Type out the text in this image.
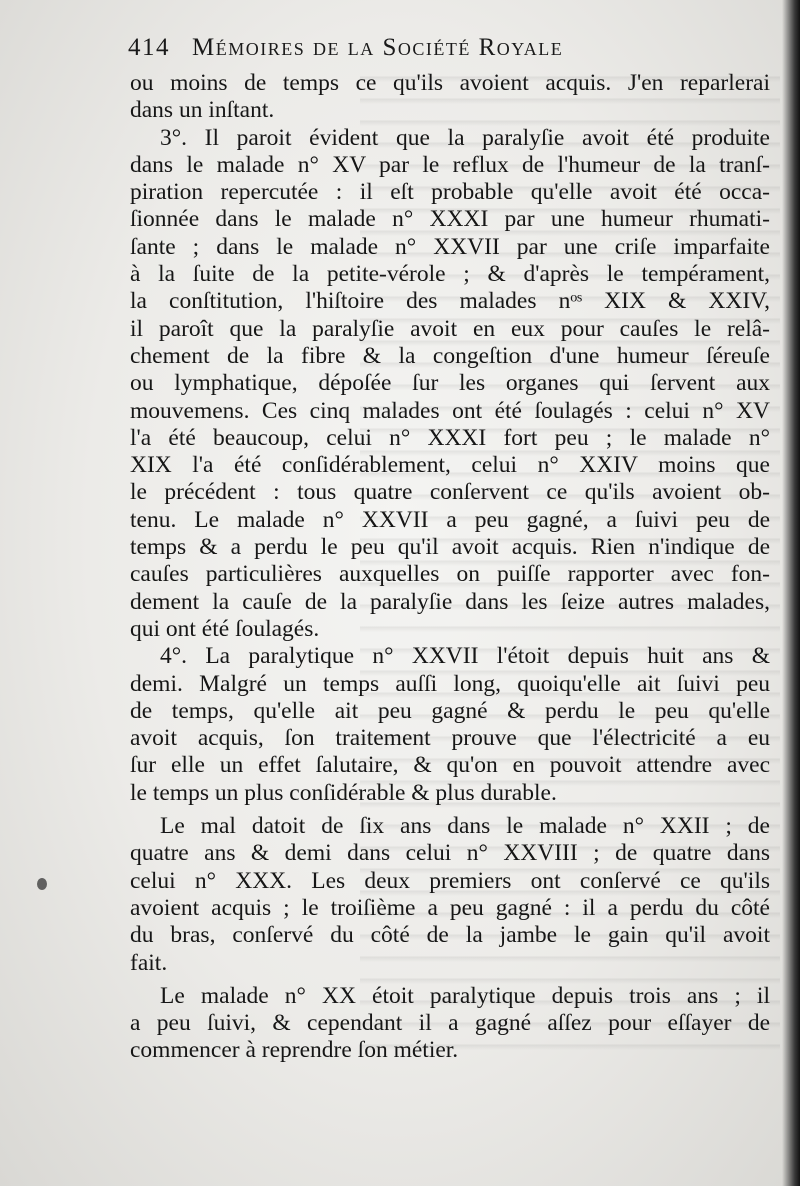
414 Mémoires de la Société Royale
ou moins de temps ce qu'ils avoient acquis. J'en reparlerai
dans un inſtant.
3°. Il paroit évident que la paralyſie avoit été produite
dans le malade n° XV par le reflux de l'humeur de la tranſ-
piration repercutée : il eſt probable qu'elle avoit été occa-
ſionnée dans le malade n° XXXI par une humeur rhumati-
ſante ; dans le malade n° XXVII par une criſe imparfaite
à la ſuite de la petite-vérole ; & d'après le tempérament,
la conſtitution, l'hiſtoire des malades nᵒˢ XIX & XXIV,
il paroît que la paralyſie avoit en eux pour cauſes le relâ-
chement de la fibre & la congeſtion d'une humeur ſéreuſe
ou lymphatique, dépoſée ſur les organes qui ſervent aux
mouvemens. Ces cinq malades ont été ſoulagés : celui n° XV
l'a été beaucoup, celui n° XXXI fort peu ; le malade n°
XIX l'a été conſidérablement, celui n° XXIV moins que
le précédent : tous quatre conſervent ce qu'ils avoient ob-
tenu. Le malade n° XXVII a peu gagné, a ſuivi peu de
temps & a perdu le peu qu'il avoit acquis. Rien n'indique de
cauſes particulières auxquelles on puiſſe rapporter avec fon-
dement la cauſe de la paralyſie dans les ſeize autres malades,
qui ont été ſoulagés.
4°. La paralytique n° XXVII l'étoit depuis huit ans &
demi. Malgré un temps auſſi long, quoiqu'elle ait ſuivi peu
de temps, qu'elle ait peu gagné & perdu le peu qu'elle
avoit acquis, ſon traitement prouve que l'électricité a eu
ſur elle un effet ſalutaire, & qu'on en pouvoit attendre avec
le temps un plus conſidérable & plus durable.
Le mal datoit de ſix ans dans le malade n° XXII ; de
quatre ans & demi dans celui n° XXVIII ; de quatre dans
celui n° XXX. Les deux premiers ont conſervé ce qu'ils
avoient acquis ; le troiſième a peu gagné : il a perdu du côté
du bras, conſervé du côté de la jambe le gain qu'il avoit
fait.
Le malade n° XX étoit paralytique depuis trois ans ; il
a peu ſuivi, & cependant il a gagné aſſez pour eſſayer de
commencer à reprendre ſon métier.
